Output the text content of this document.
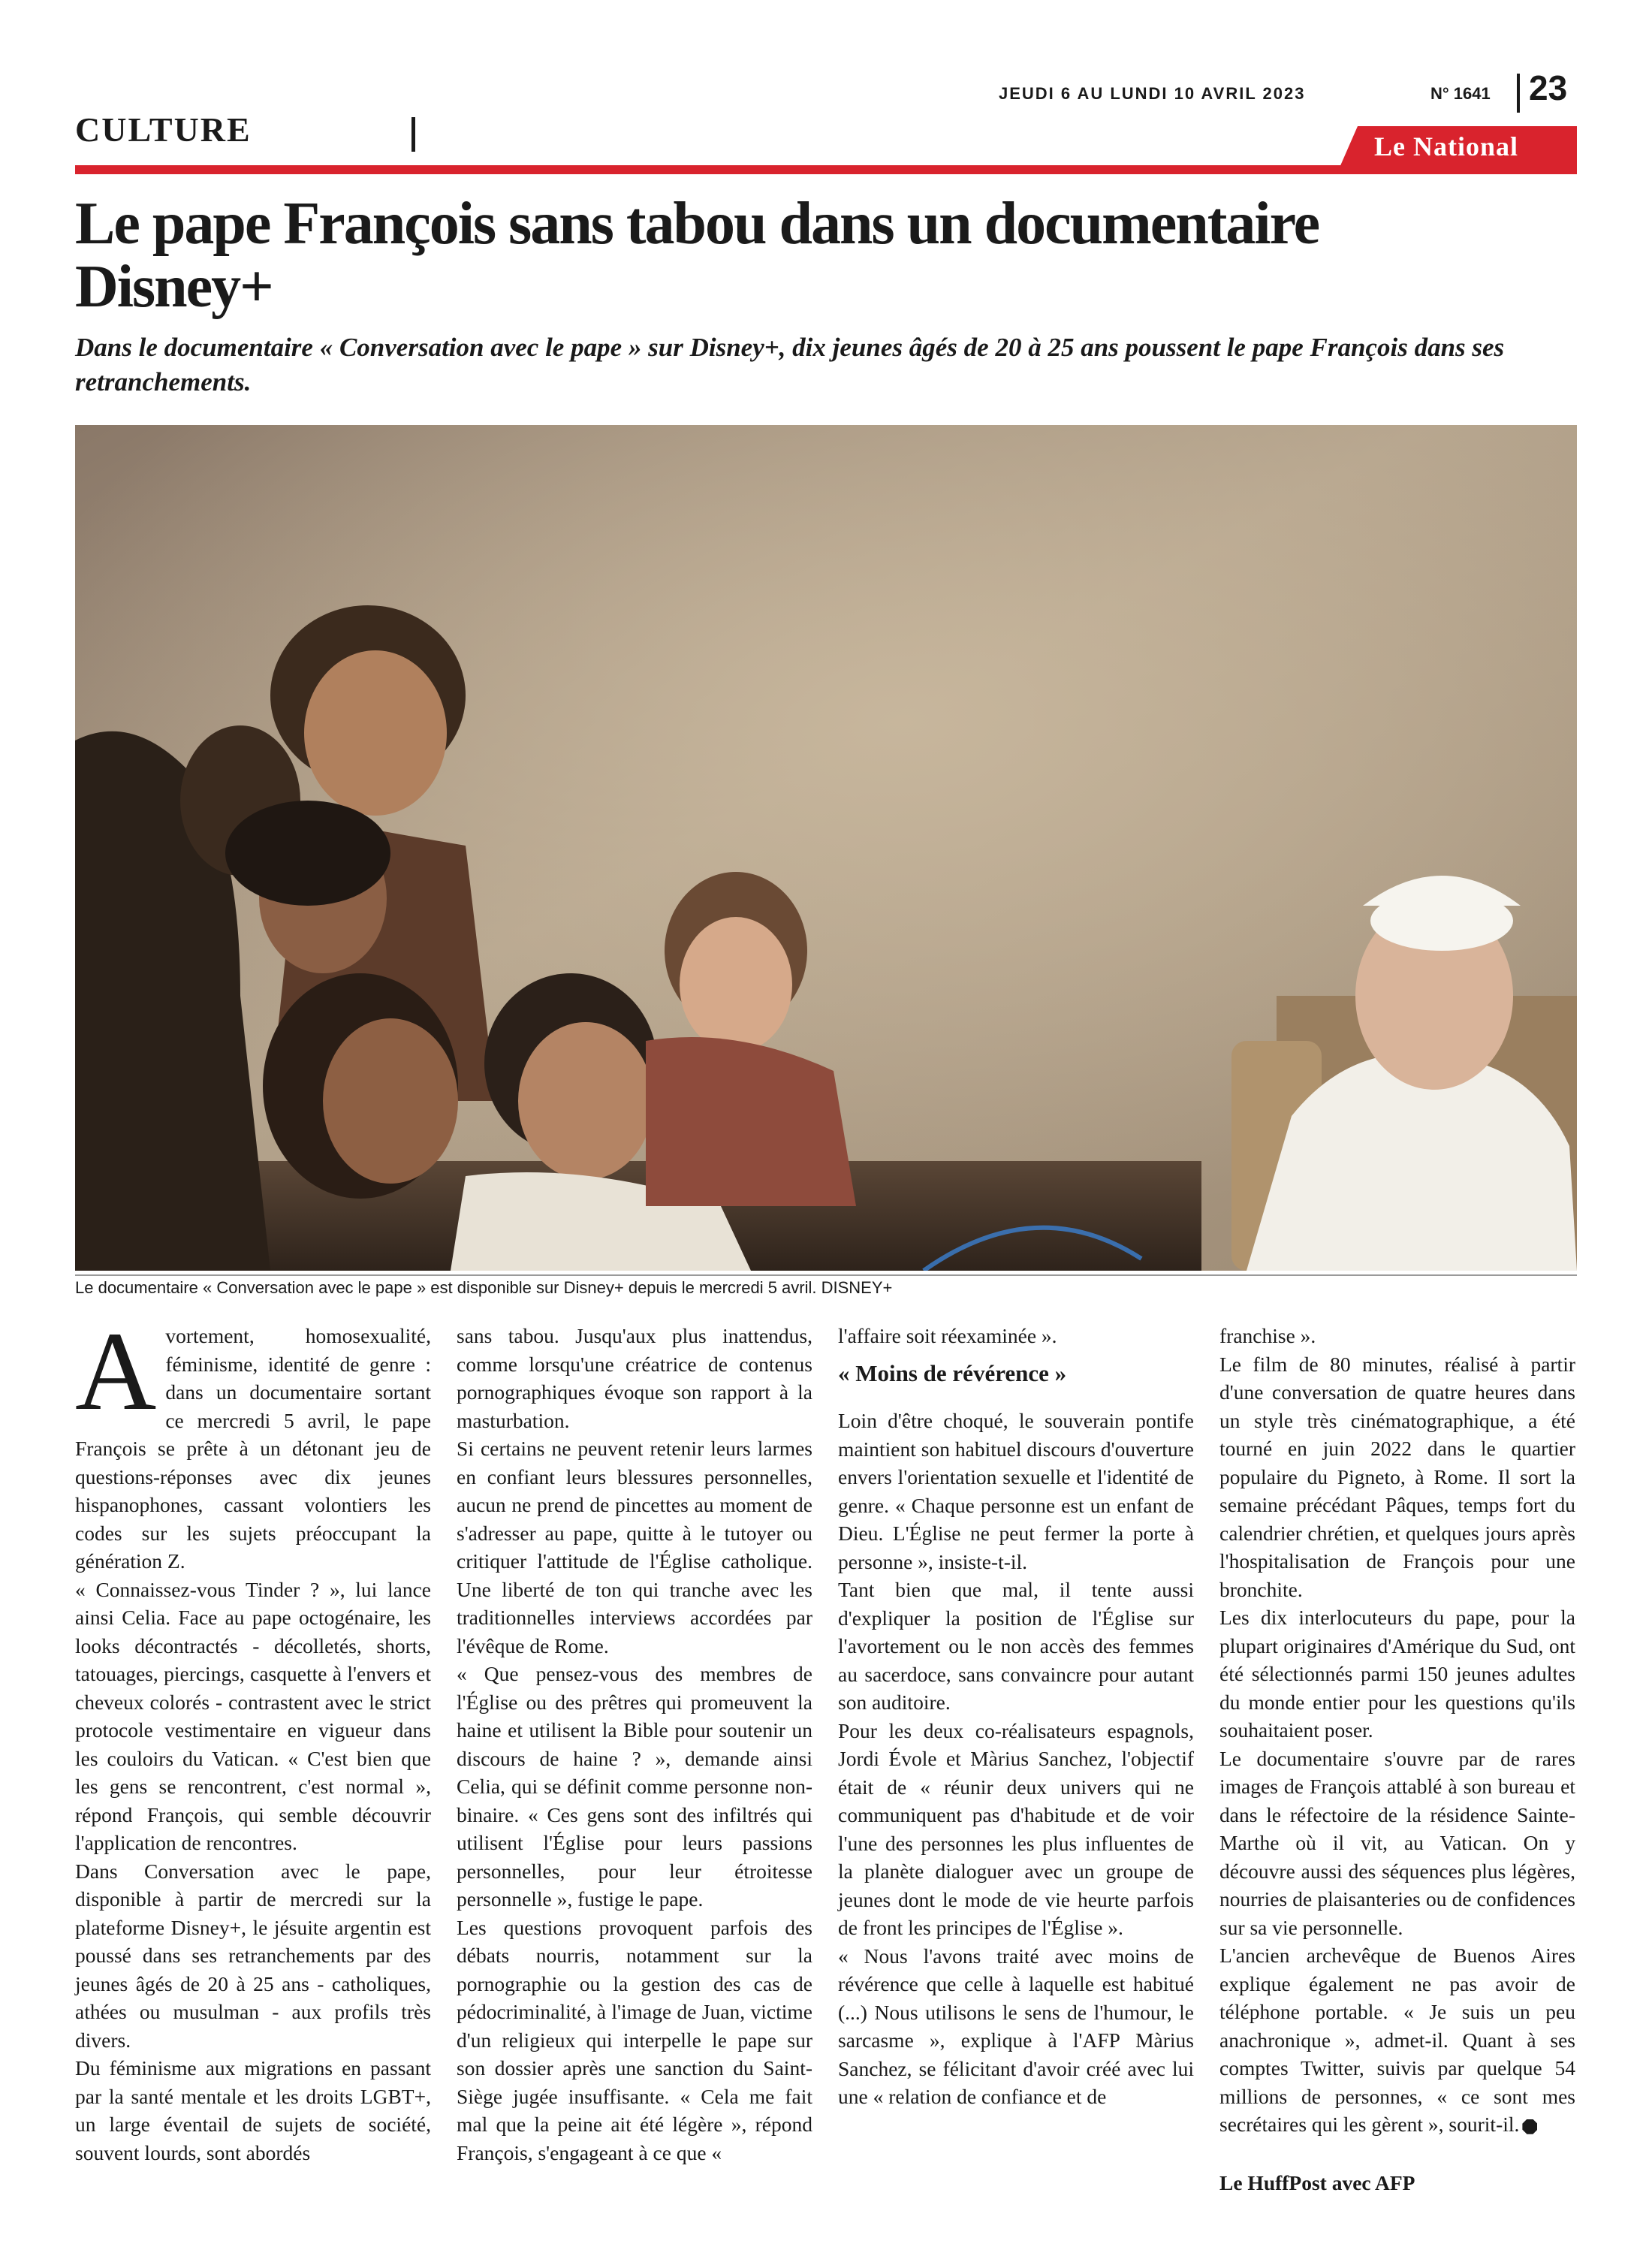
JEUDI 6 AU LUNDI 10 AVRIL 2023	N° 1641 23
CULTURE	Le National
Le pape François sans tabou dans un documentaire Disney+

Dans le documentaire « Conversation avec le pape » sur Disney+, dix jeunes âgés de 20 à 25 ans poussent le pape François dans ses retranchements.

Le documentaire « Conversation avec le pape » est disponible sur Disney+ depuis le mercredi 5 avril. DISNEY+
A vortement, homosexualité, féminisme, identité de genre : dans un documentaire sortant ce mercredi 5 avril, le pape François se prête à un détonant jeu de questions-réponses avec dix jeunes hispanophones, cassant volontiers les codes sur les sujets préoccupant la génération Z.

« Connaissez-vous Tinder ? », lui lance ainsi Celia. Face au pape octogénaire, les looks décontractés - décolletés, shorts, tatouages, piercings, casquette à l'envers et cheveux colorés - contrastent avec le strict protocole vestimentaire en vigueur dans les couloirs du Vatican. « C'est bien que les gens se rencontrent, c'est normal », répond François, qui semble découvrir l'application de rencontres.

Dans Conversation avec le pape, disponible à partir de mercredi sur la plateforme Disney+, le jésuite argentin est poussé dans ses retranchements par des jeunes âgés de 20 à 25 ans - catholiques, athées ou musulman - aux profils très divers.

Du féminisme aux migrations en passant par la santé mentale et les droits LGBT+, un large éventail de sujets de société, souvent lourds, sont abordés

sans tabou. Jusqu'aux plus inattendus, comme lorsqu'une créatrice de contenus pornographiques évoque son rapport à la masturbation.

Si certains ne peuvent retenir leurs larmes en confiant leurs blessures personnelles, aucun ne prend de pincettes au moment de s'adresser au pape, quitte à le tutoyer ou critiquer l'attitude de l'Église catholique. Une liberté de ton qui tranche avec les traditionnelles interviews accordées par l'évêque de Rome.

« Que pensez-vous des membres de l'Église ou des prêtres qui promeuvent la haine et utilisent la Bible pour soutenir un discours de haine ? », demande ainsi Celia, qui se définit comme personne non-binaire. « Ces gens sont des infiltrés qui utilisent l'Église pour leurs passions personnelles, pour leur étroitesse personnelle », fustige le pape.

Les questions provoquent parfois des débats nourris, notamment sur la pornographie ou la gestion des cas de pédocriminalité, à l'image de Juan, victime d'un religieux qui interpelle le pape sur son dossier après une sanction du Saint-Siège jugée insuffisante. « Cela me fait mal que la peine ait été légère », répond François, s'engageant à ce que «

l'affaire soit réexaminée ».

« Moins de révérence »

Loin d'être choqué, le souverain pontife maintient son habituel discours d'ouverture envers l'orientation sexuelle et l'identité de genre. « Chaque personne est un enfant de Dieu. L'Église ne peut fermer la porte à personne », insiste-t-il.

Tant bien que mal, il tente aussi d'expliquer la position de l'Église sur l'avortement ou le non accès des femmes au sacerdoce, sans convaincre pour autant son auditoire.

Pour les deux co-réalisateurs espagnols, Jordi Évole et Màrius Sanchez, l'objectif était de « réunir deux univers qui ne communiquent pas d'habitude et de voir l'une des personnes les plus influentes de la planète dialoguer avec un groupe de jeunes dont le mode de vie heurte parfois de front les principes de l'Église ».

« Nous l'avons traité avec moins de révérence que celle à laquelle est habitué (...) Nous utilisons le sens de l'humour, le sarcasme », explique à l'AFP Màrius Sanchez, se félicitant d'avoir créé avec lui une « relation de confiance et de

franchise ».

Le film de 80 minutes, réalisé à partir d'une conversation de quatre heures dans un style très cinématographique, a été tourné en juin 2022 dans le quartier populaire du Pigneto, à Rome. Il sort la semaine précédant Pâques, temps fort du calendrier chrétien, et quelques jours après l'hospitalisation de François pour une bronchite.

Les dix interlocuteurs du pape, pour la plupart originaires d'Amérique du Sud, ont été sélectionnés parmi 150 jeunes adultes du monde entier pour les questions qu'ils souhaitaient poser.

Le documentaire s'ouvre par de rares images de François attablé à son bureau et dans le réfectoire de la résidence Sainte-Marthe où il vit, au Vatican. On y découvre aussi des séquences plus légères, nourries de plaisanteries ou de confidences sur sa vie personnelle.

L'ancien archevêque de Buenos Aires explique également ne pas avoir de téléphone portable. « Je suis un peu anachronique », admet-il. Quant à ses comptes Twitter, suivis par quelque 54 millions de personnes, « ce sont mes secrétaires qui les gèrent », sourit-il.

Le HuffPost avec AFP
